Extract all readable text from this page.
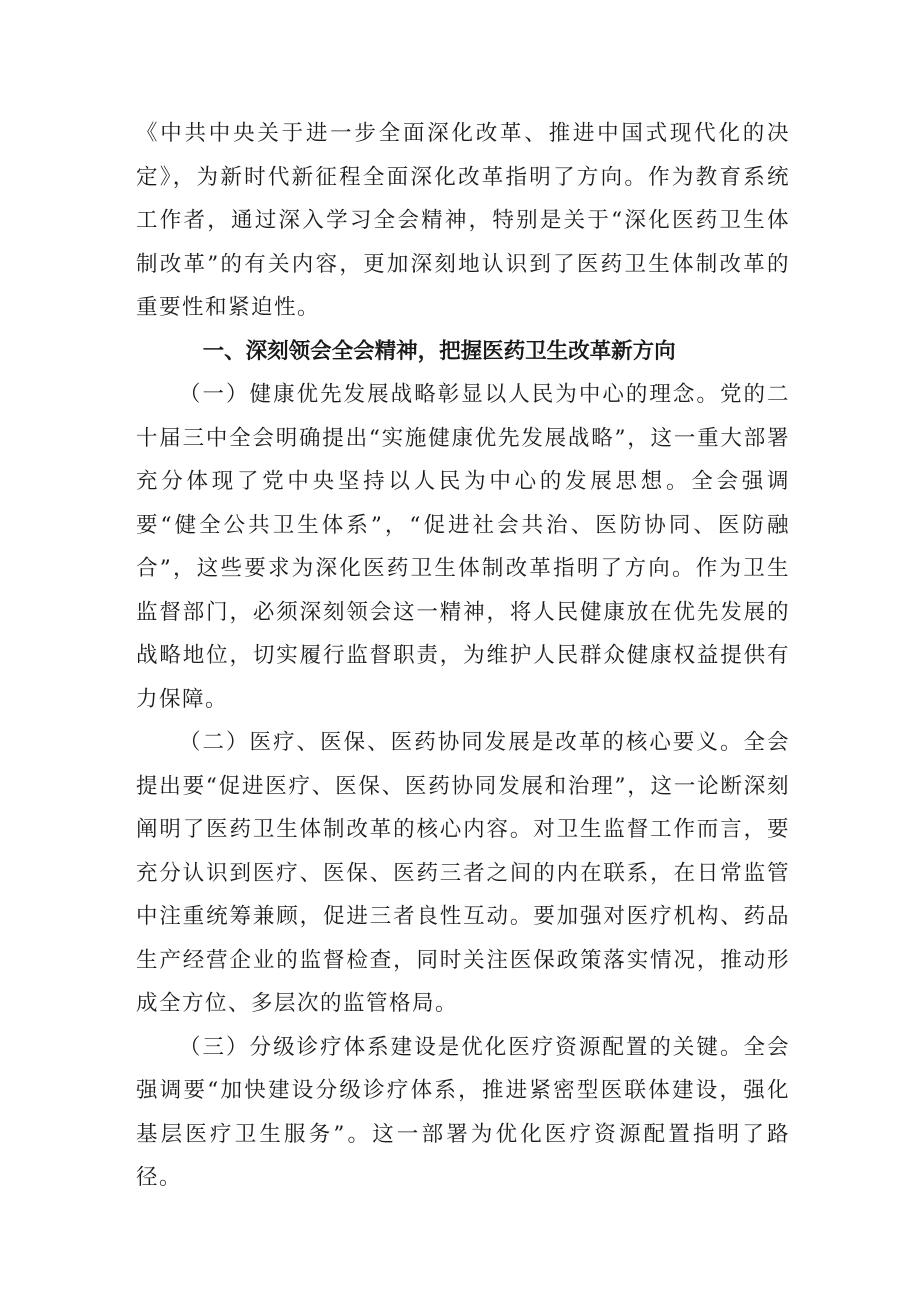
《中共中央关于进一步全面深化改革、推进中国式现代化的决定》，为新时代新征程全面深化改革指明了方向。作为教育系统工作者，通过深入学习全会精神，特别是关于“深化医药卫生体制改革”的有关内容，更加深刻地认识到了医药卫生体制改革的重要性和紧迫性。

一、深刻领会全会精神，把握医药卫生改革新方向

（一）健康优先发展战略彰显以人民为中心的理念。党的二十届三中全会明确提出“实施健康优先发展战略”，这一重大部署充分体现了党中央坚持以人民为中心的发展思想。全会强调要“健全公共卫生体系”，“促进社会共治、医防协同、医防融合”，这些要求为深化医药卫生体制改革指明了方向。作为卫生监督部门，必须深刻领会这一精神，将人民健康放在优先发展的战略地位，切实履行监督职责，为维护人民群众健康权益提供有力保障。

（二）医疗、医保、医药协同发展是改革的核心要义。全会提出要“促进医疗、医保、医药协同发展和治理”，这一论断深刻阐明了医药卫生体制改革的核心内容。对卫生监督工作而言，要充分认识到医疗、医保、医药三者之间的内在联系，在日常监管中注重统筹兼顾，促进三者良性互动。要加强对医疗机构、药品生产经营企业的监督检查，同时关注医保政策落实情况，推动形成全方位、多层次的监管格局。

（三）分级诊疗体系建设是优化医疗资源配置的关键。全会强调要“加快建设分级诊疗体系，推进紧密型医联体建设，强化基层医疗卫生服务”。这一部署为优化医疗资源配置指明了路径。
